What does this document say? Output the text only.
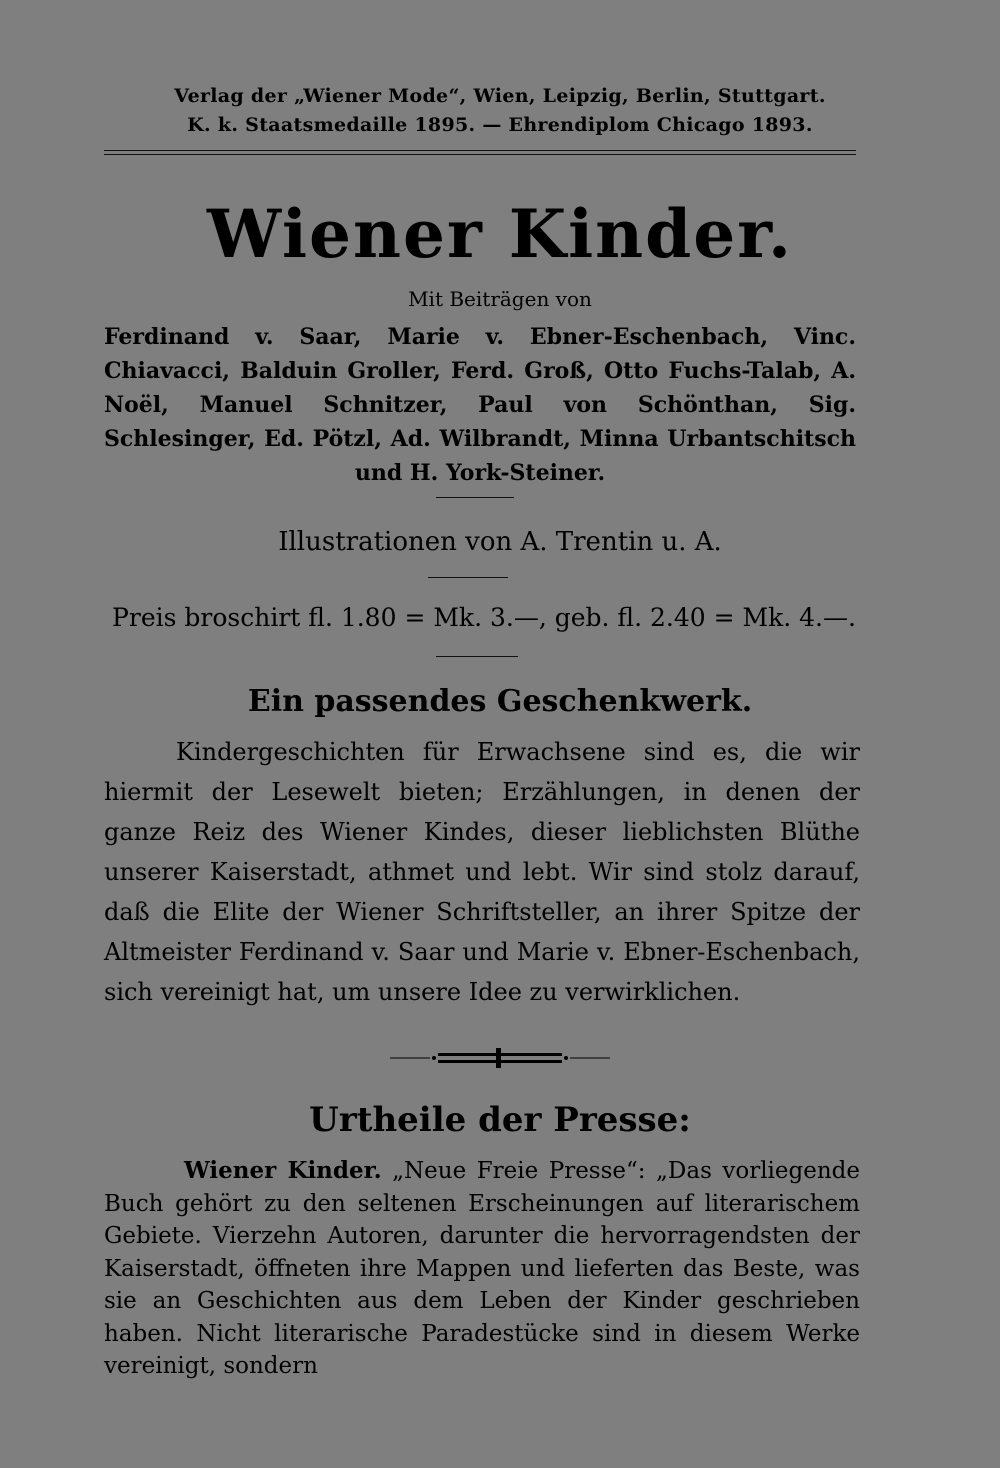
Verlag der „Wiener Mode“, Wien, Leipzig, Berlin, Stuttgart.
K. k. Staatsmedaille 1895. — Ehrendiplom Chicago 1893.
Wiener Kinder.
Mit Beiträgen von
Ferdinand v. Saar, Marie v. Ebner-Eschenbach, Vinc. Chiavacci, Balduin Groller, Ferd. Groß, Otto Fuchs-Talab, A. Noël, Manuel Schnitzer, Paul von Schönthan, Sig. Schlesinger, Ed. Pötzl, Ad. Wilbrandt, Minna Urbantschitsch und H. York-Steiner.
Illustrationen von A. Trentin u. A.
Preis broschirt fl. 1.80 = Mk. 3.—, geb. fl. 2.40 = Mk. 4.—.
Ein passendes Geschenkwerk.

Kindergeschichten für Erwachsene sind es, die wir hiermit der Lesewelt bieten; Erzählungen, in denen der ganze Reiz des Wiener Kindes, dieser lieblichsten Blüthe unserer Kaiserstadt, athmet und lebt. Wir sind stolz darauf, daß die Elite der Wiener Schriftsteller, an ihrer Spitze der Altmeister Ferdinand v. Saar und Marie v. Ebner-Eschenbach, sich vereinigt hat, um unsere Idee zu verwirklichen.

Urtheile der Presse:

Wiener Kinder. „Neue Freie Presse“: „Das vorliegende Buch gehört zu den seltenen Erscheinungen auf literarischem Gebiete. Vierzehn Autoren, darunter die hervorragendsten der Kaiserstadt, öffneten ihre Mappen und lieferten das Beste, was sie an Geschichten aus dem Leben der Kinder geschrieben haben. Nicht literarische Paradestücke sind in diesem Werke vereinigt, sondern
